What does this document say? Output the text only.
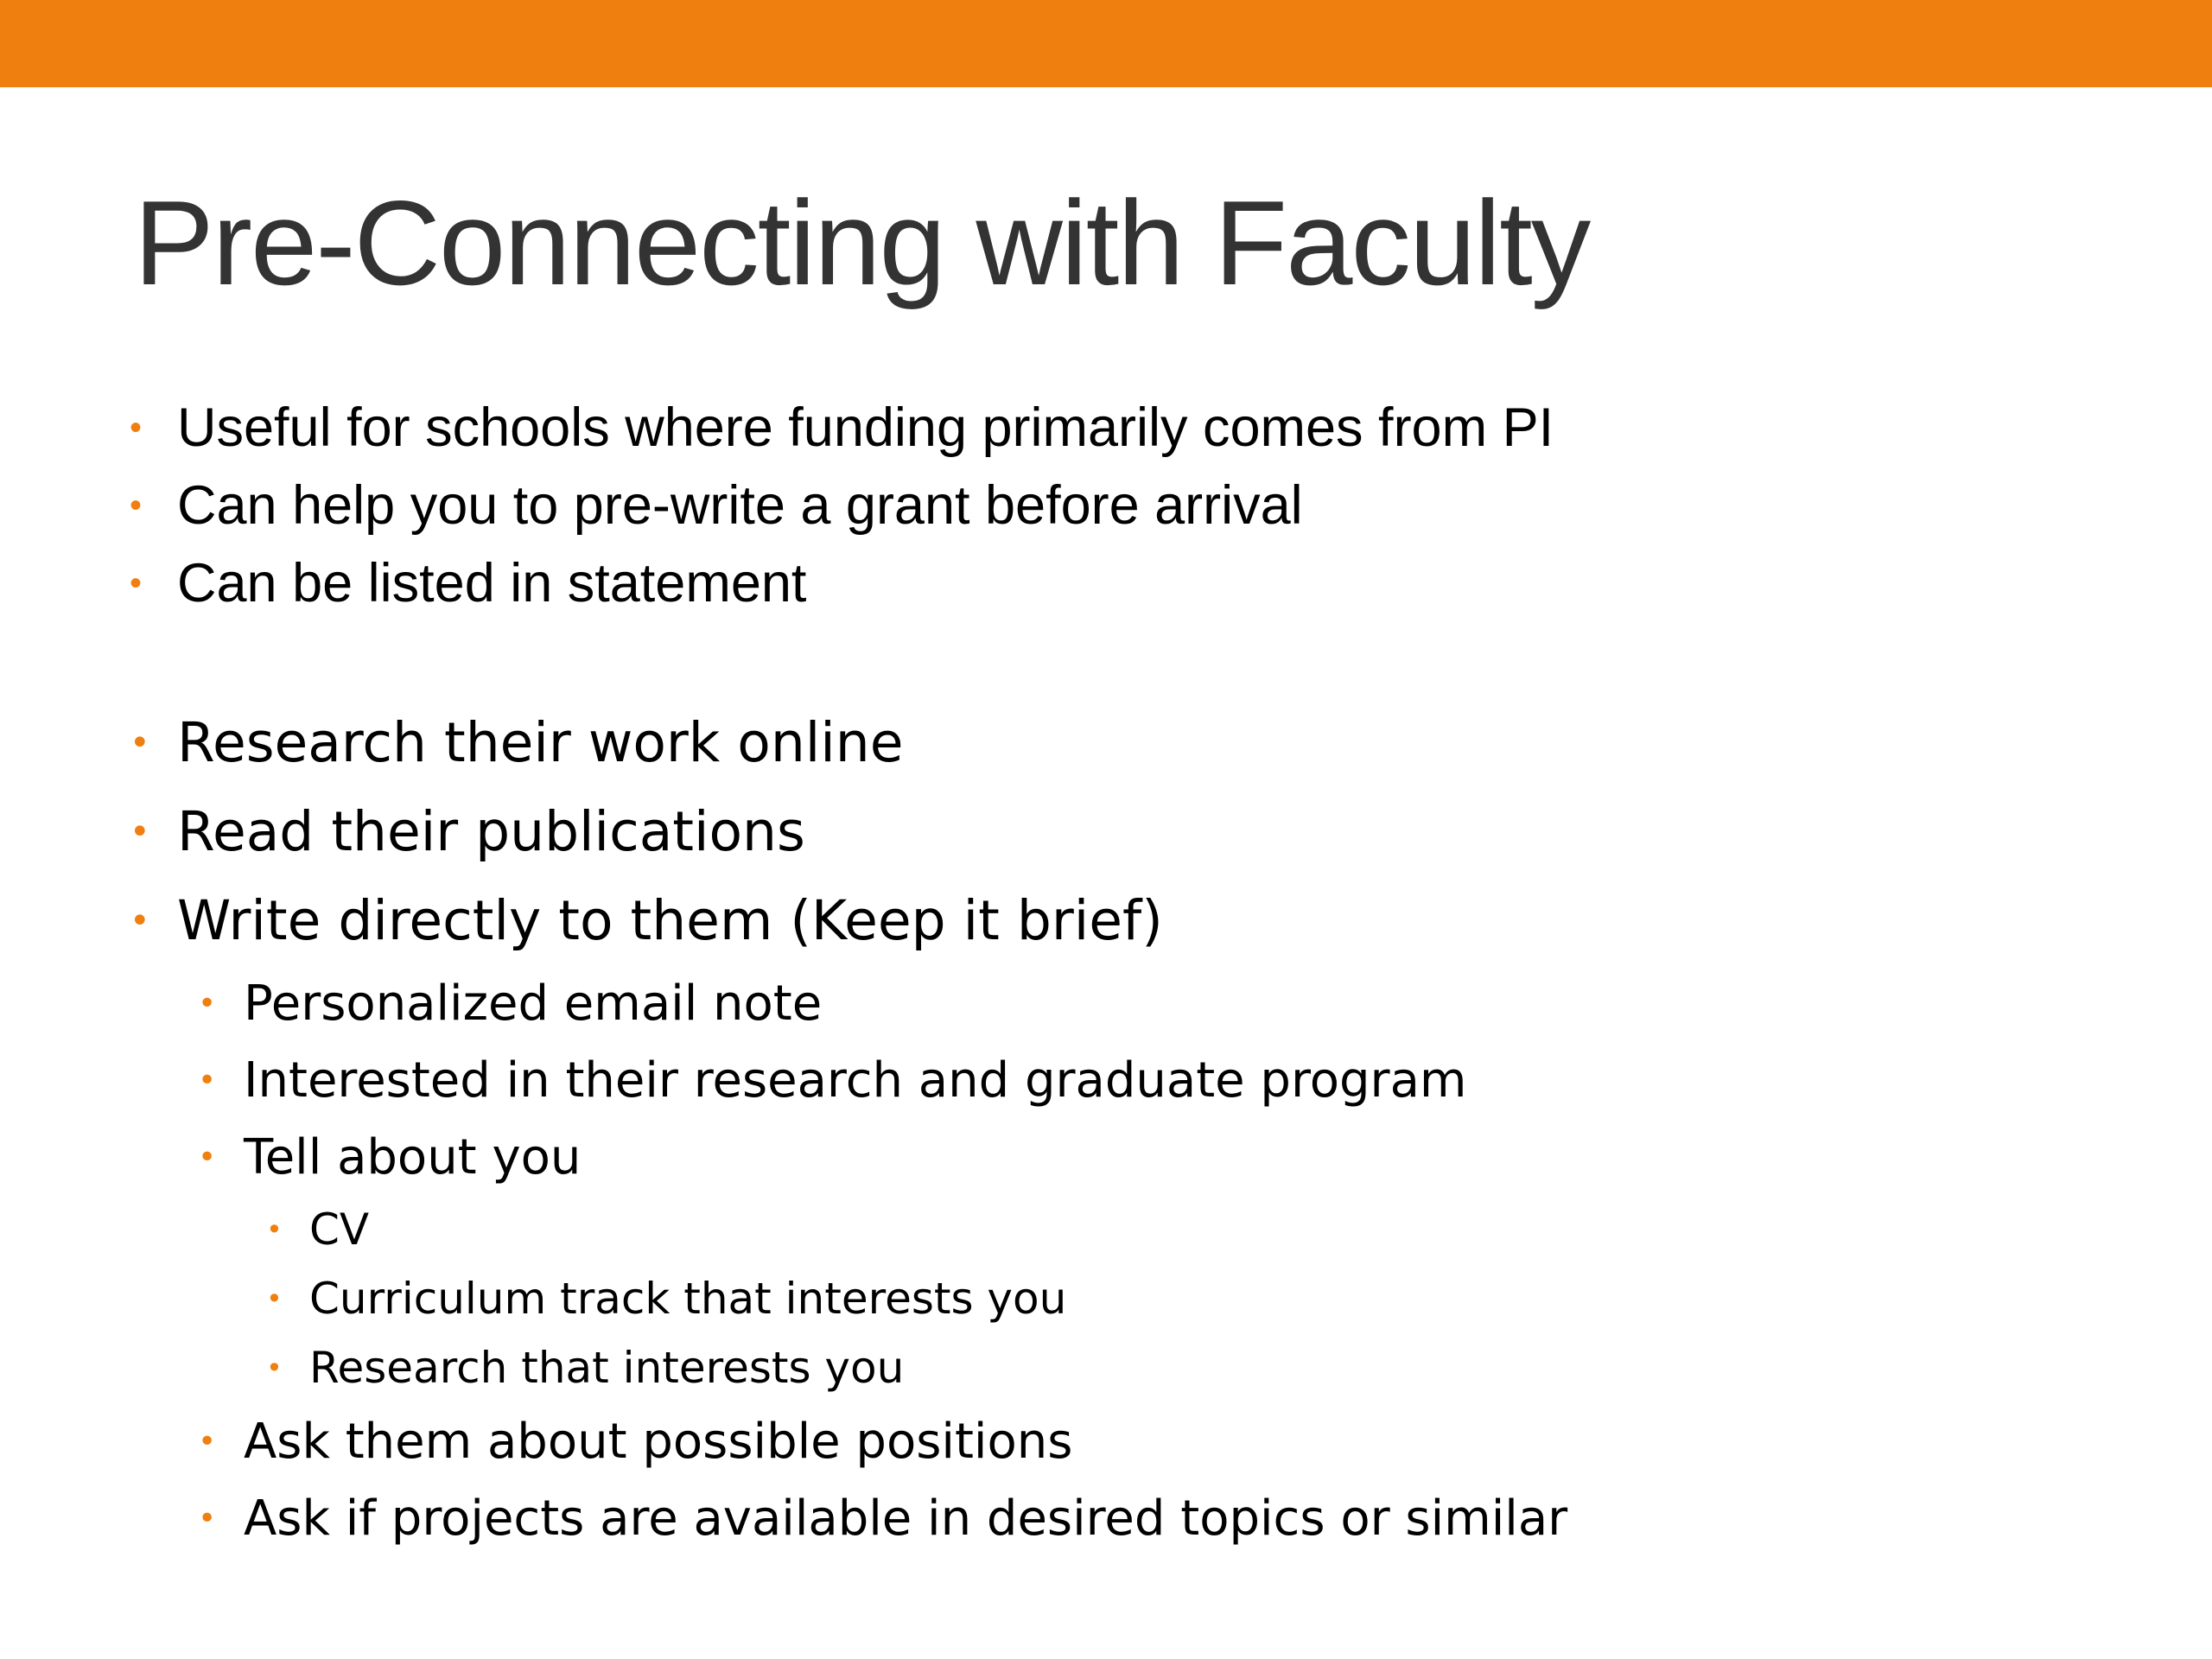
Pre-Connecting with Faculty
• Useful for schools where funding primarily comes from PI
• Can help you to pre-write a grant before arrival
• Can be listed in statement
• Research their work online
• Read their publications
• Write directly to them (Keep it brief)
• Personalized email note
• Interested in their research and graduate program
• Tell about you
• CV
• Curriculum track that interests you
• Research that interests you
• Ask them about possible positions
• Ask if projects are available in desired topics or similar
